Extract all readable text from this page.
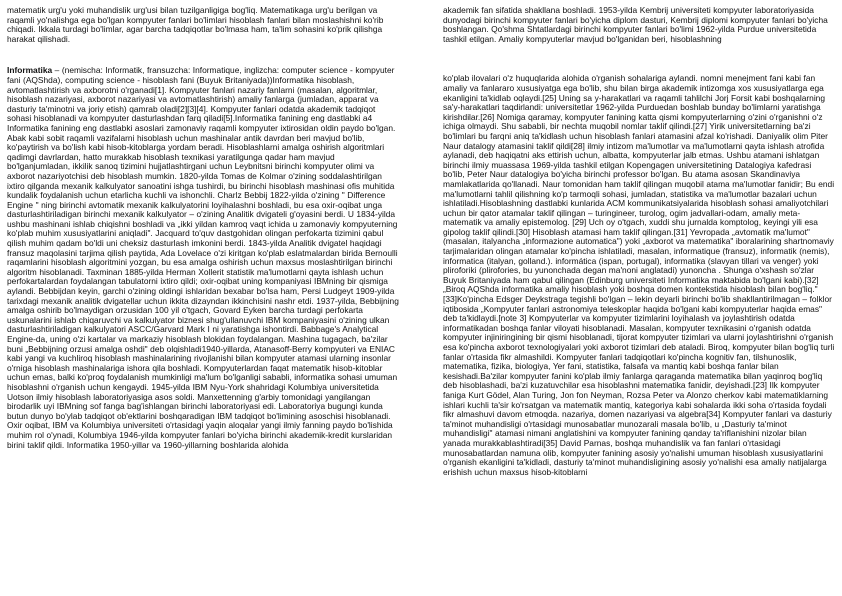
matematik urg'u yoki muhandislik urg'usi bilan tuzilganligiga bog'liq. Matematikaga urg'u berilgan va raqamli yo'nalishga ega bo'lgan kompyuter fanlari bo'limlari hisoblash fanlari bilan moslashishni ko'rib chiqadi. Ikkala turdagi bo'limlar, agar barcha tadqiqotlar bo'lmasa ham, ta'lim sohasini ko'prik qilishga harakat qilishadi.

Informatika – (nemischa: Informatik, fransuzcha: Informatique, inglizcha: computer science - kompyuter fani (AQShda), computing science - hisoblash fani (Buyuk Britaniyada))Informatika hisoblash, avtomatlashtirish va axborotni o'rganadi[1]. Kompyuter fanlari nazariy fanlarni (masalan, algoritmlar, hisoblash nazariyasi, axborot nazariyasi va avtomatlashtirish) amaliy fanlarga (jumladan, apparat va dasturiy ta'minotni va joriy etish) qamrab oladi[2][3][4]. Kompyuter fanlari odatda akademik tadqiqot sohasi hisoblanadi va kompyuter dasturlashdan farq qiladi[5].Informatika fanining eng dastlabki a4 Informatika fanining eng dastlabki asoslari zamonaviy raqamli kompyuter ixtirosidan oldin paydo bo'lgan. Abak kabi sobit raqamli vazifalarni hisoblash uchun mashinalar antik davrdan beri mavjud bo'lib, ko'paytirish va bo'lish kabi hisob-kitoblarga yordam beradi. Hisoblashlarni amalga oshirish algoritmlari qadimgi davrlardan, hatto murakkab hisoblash texnikasi yaratilgunga qadar ham mavjud bo'lganjumladan, ikkilik sanoq tizimini hujjatlashtirgani uchun Leybnitsni birinchi kompyuter olimi va axborot nazariyotchisi deb hisoblash mumkin. 1820-yilda Tomas de Kolmar o'zining soddalashtirilgan ixtiro qilganda mexanik kalkulyator sanoatini ishga tushirdi, bu birinchi hisoblash mashinasi ofis muhitida kundalik foydalanish uchun etarlicha kuchli va ishonchli. Charlz Bebbij 1822-yilda o'zining " Difference Engine " ning birinchi avtomatik mexanik kalkulyatorini loyihalashni boshladi, bu esa oxir-oqibat unga dasturlashtiriladigan birinchi mexanik kalkulyator – o'zining Analitik dvigateli g'oyasini berdi. U 1834-yilda ushbu mashinani ishlab chiqishni boshladi va „ikki yildan kamroq vaqt ichida u zamonaviy kompyuterning ko'plab muhim xususiyatlarini aniqladi". Jacquard to'quv dastgohidan olingan perfokarta tizimini qabul qilish muhim qadam bo'ldi uni cheksiz dasturlash imkonini berdi. 1843-yilda Analitik dvigatel haqidagi fransuz maqolasini tarjima qilish paytida, Ada Lovelace o'zi kiritgan ko'plab eslatmalardan birida Bernoulli raqamlarini hisoblash algoritmini yozgan, bu esa amalga oshirish uchun maxsus moslashtirilgan birinchi algoritm hisoblanadi. Taxminan 1885-yilda Herman Xollerit statistik ma'lumotlarni qayta ishlash uchun perfokartalardan foydalangan tabulatorni ixtiro qildi; oxir-oqibat uning kompaniyasi IBMning bir qismiga aylandi. Bebbijdan keyin, garchi o'zining oldingi ishlaridan bexabar bo'lsa ham, Persi Ludgeyt 1909-yilda tarixdagi mexanik analitik dvigatellar uchun ikkita dizayndan ikkinchisini nashr etdi. 1937-yilda, Bebbijning amalga oshirib bo'lmaydigan orzusidan 100 yil o'tgach, Govard Eyken barcha turdagi perfokarta uskunalarini ishlab chiqaruvchi va kalkulyator biznesi shug'ullanuvchi IBM kompaniyasini o'zining ulkan dasturlashtiriladigan kalkulyatori ASCC/Garvard Mark I ni yaratishga ishontirdi. Babbage's Analytical Engine-da, uning o'zi kartalar va markaziy hisoblash blokidan foydalangan. Mashina tugagach, ba'zilar buni „Bebbijning orzusi amalga oshdi" deb olqishladi1940-yillarda, Atanasoff-Berry kompyuteri va ENIAC kabi yangi va kuchliroq hisoblash mashinalarining rivojlanishi bilan kompyuter atamasi ularning insonlar o'rniga hisoblash mashinalariga ishora qila boshladi. Kompyuterlardan faqat matematik hisob-kitoblar uchun emas, balki ko'proq foydalanish mumkinligi ma'lum bo'lganligi sababli, informatika sohasi umuman hisoblashni o'rganish uchun kengaydi. 1945-yilda IBM Nyu-York shahridagi Kolumbiya universitetida Uotson ilmiy hisoblash laboratoriyasiga asos soldi. Manxettenning g'arbiy tomonidagi yangilangan birodarlik uyi IBMning sof fanga bag'ishlangan birinchi laboratoriyasi edi. Laboratoriya bugungi kunda butun dunyo bo'ylab tadqiqot ob'ektlarini boshqaradigan IBM tadqiqot bo'limining asoschisi hisoblanadi. Oxir oqibat, IBM va Kolumbiya universiteti o'rtasidagi yaqin aloqalar yangi ilmiy fanning paydo bo'lishida muhim rol o'ynadi, Kolumbiya 1946-yilda kompyuter fanlari bo'yicha birinchi akademik-kredit kurslaridan birini taklif qildi. Informatika 1950-yillar va 1960-yillarning boshlarida alohida

akademik fan sifatida shakllana boshladi. 1953-yilda Kembrij universiteti kompyuter laboratoriyasida dunyodagi birinchi kompyuter fanlari bo'yicha diplom dasturi, Kembrij diplomi kompyuter fanlari bo'yicha boshlangan. Qo'shma Shtatlardagi birinchi kompyuter fanlari bo'limi 1962-yilda Purdue universitetida tashkil etilgan. Amaliy kompyuterlar mavjud bo'lganidan beri, hisoblashning

ko'plab ilovalari o'z huquqlarida alohida o'rganish sohalariga aylandi. nomni menejment fani kabi fan amaliy va fanlararo xususiyatga ega bo'lib, shu bilan birga akademik intizomga xos xususiyatlarga ega ekanligini ta'kidlab oqlaydi.[25] Uning sa y-harakatlari va raqamli tahlilchi Jorj Forsit kabi boshqalarning sa'y-harakatlari taqdirlandi: universitetlar 1962-yilda Purduedan boshlab bunday bo'limlarni yaratishga kirishdilar.[26] Nomiga qaramay, kompyuter fanining katta qismi kompyuterlarning o'zini o'rganishni o'z ichiga olmaydi. Shu sababli, bir nechta muqobil nomlar taklif qilindi.[27] Yirik universitetlarning ba'zi bo'limlari bu farqni aniq ta'kidlash uchun hisoblash fanlari atamasini afzal ko'rishadi. Daniyalik olim Piter Naur datalogy atamasini taklif qildi[28] ilmiy intizom ma'lumotlar va ma'lumotlarni qayta ishlash atrofida aylanadi, deb haqiqatni aks ettirish uchun, albatta, kompyuterlar jalb etmas. Ushbu atamani ishlatgan birinchi ilmiy muassasa 1969-yilda tashkil etilgan Kopengagen universitetining Datalogiya kafedrasi bo'lib, Peter Naur datalogiya bo'yicha birinchi professor bo'lgan. Bu atama asosan Skandinaviya mamlakatlarida qo'llanadi. Naur tomonidan ham taklif qilingan muqobil atama ma'lumotlar fanidir; Bu endi ma'lumotlarni tahlil qilishning ko'p tarmoqli sohasi, jumladan, statistika va ma'lumotlar bazalari uchun ishlatiladi.Hisoblashning dastlabki kunlarida ACM kommunikatsiyalarida hisoblash sohasi amaliyotchilari uchun bir qator atamalar taklif qilingan – turingineer, turolog, ogim jadvallari-odam, amaliy meta-matematik va amaliy epistemolog. [29] Uch oy o'tgach, xuddi shu jurnalda komptolog, keyingi yili esa gipolog taklif qilindi.[30] Hisoblash atamasi ham taklif qilingan.[31] Yevropada „avtomatik ma'lumot" (masalan, italyancha „informazione automatica") yoki „axborot va matematika" iboralarining shartnomaviy tarjimalaridan olingan atamalar ko'pincha ishlatiladi, masalan, informatique (fransuz), informatik (nemis), informatica (italyan, golland.). informática (ispan, portugal), informatika (slavyan tillari va venger) yoki pliroforiki (plirofories, bu yunonchada degan ma'noni anglatadi) yunoncha . Shunga o'xshash so'zlar Buyuk Britaniyada ham qabul qilingan (Edinburg universiteti Informatika maktabida bo'lgani kabi).[32] „Biroq AQShda informatika amaliy hisoblash yoki boshqa domen kontekstida hisoblash bilan bog'liq."[33]Ko'pincha Edsger Deykstraga tegishli bo'lgan – lekin deyarli birinchi bo'lib shakllantirilmagan – folklor iqtibosida „Kompyuter fanlari astronomiya teleskoplar haqida bo'lgani kabi kompyuterlar haqida emas" deb ta'kidlaydi.[note 3] Kompyuterlar va kompyuter tizimlarini loyihalash va joylashtirish odatda informatikadan boshqa fanlar viloyati hisoblanadi. Masalan, kompyuter texnikasini o'rganish odatda kompyuter injiniringining bir qismi hisoblanadi, tijorat kompyuter tizimlari va ularni joylashtirishni o'rganish esa ko'pincha axborot texnologiyalari yoki axborot tizimlari deb ataladi. Biroq, kompyuter bilan bog'liq turli fanlar o'rtasida fikr almashildi. Kompyuter fanlari tadqiqotlari ko'pincha kognitiv fan, tilshunoslik, matematika, fizika, biologiya, Yer fani, statistika, falsafa va mantiq kabi boshqa fanlar bilan kesishadi.Ba'zilar kompyuter fanini ko'plab ilmiy fanlarga qaraganda matematika bilan yaqinroq bog'liq deb hisoblashadi, ba'zi kuzatuvchilar esa hisoblashni matematika fanidir, deyishadi.[23] Ilk kompyuter faniga Kurt Gödel, Alan Turing, Jon fon Neyman, Rozsa Peter va Alonzo cherkov kabi matematiklarning ishlari kuchli ta'sir ko'rsatgan va matematik mantiq, kategoriya kabi sohalarda ikki soha o'rtasida foydali fikr almashuvi davom etmoqda. nazariya, domen nazariyasi va algebra[34] Kompyuter fanlari va dasturiy ta'minot muhandisligi o'rtasidagi munosabatlar munozarali masala bo'lib, u „Dasturiy ta'minot muhandisligi" atamasi nimani anglatishini va kompyuter fanining qanday ta'riflanishini nizolar bilan yanada murakkablashtiradi[35] David Parnas, boshqa muhandislik va fan fanlari o'rtasidagi munosabatlardan namuna olib, kompyuter fanining asosiy yo'nalishi umuman hisoblash xususiyatlarini o'rganish ekanligini ta'kidladi, dasturiy ta'minot muhandisligining asosiy yo'nalishi esa amaliy natijalarga erishish uchun maxsus hisob-kitoblarni
